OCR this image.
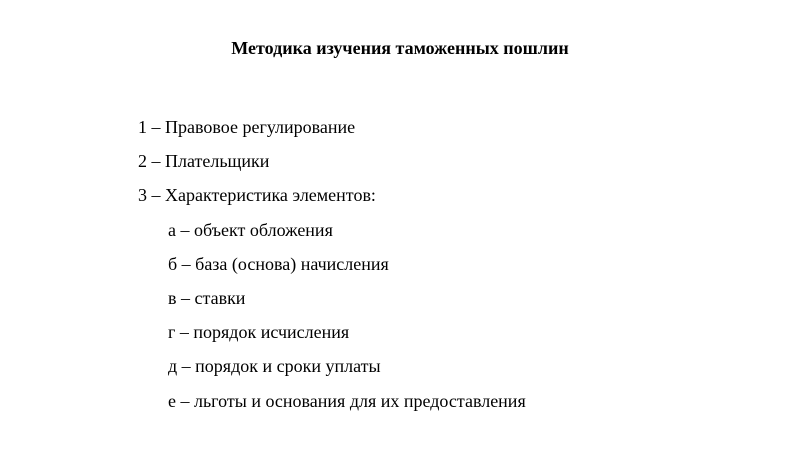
Методика изучения таможенных пошлин
1 – Правовое регулирование
2 – Плательщики
3 – Характеристика элементов:
а – объект обложения
б – база (основа) начисления
в – ставки
г – порядок исчисления
д – порядок и сроки уплаты
е – льготы и основания для их предоставления
